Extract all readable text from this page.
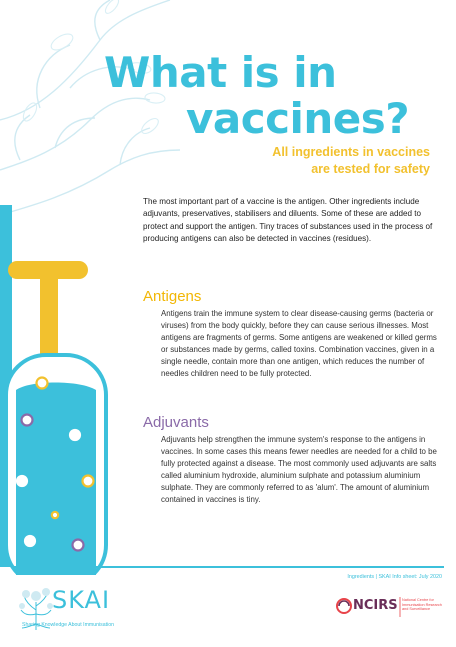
What is in
vaccines?
All ingredients in vaccines
are tested for safety

The most important part of a vaccine is the antigen. Other ingredients include adjuvants, preservatives, stabilisers and diluents. Some of these are added to protect and support the antigen. Tiny traces of substances used in the process of producing antigens can also be detected in vaccines (residues).

Antigens

Antigens train the immune system to clear disease-causing germs (bacteria or viruses) from the body quickly, before they can cause serious illnesses. Most antigens are fragments of germs. Some antigens are weakened or killed germs or substances made by germs, called toxins. Combination vaccines, given in a single needle, contain more than one antigen, which reduces the number of needles children need to be fully protected.

Adjuvants

Adjuvants help strengthen the immune system's response to the antigens in vaccines. In some cases this means fewer needles are needed for a child to be fully protected against a disease. The most commonly used adjuvants are salts called aluminium hydroxide, aluminium sulphate and potassium aluminium sulphate. They are commonly referred to as 'alum'. The amount of aluminium contained in vaccines is tiny.

Ingredients | SKAI Info sheet: July 2020
SKAI
Sharing Knowledge About Immunisation
NCIRS National Centre for
Immunisation Research
and Surveillance
